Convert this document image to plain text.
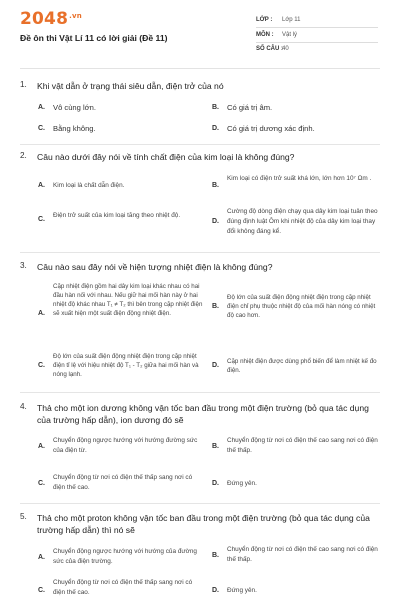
$2048^{.vn}$
Đề ôn thi Vật Lí 11 có lời giải (Đề 11)
LỚP : Lớp 11
MÔN : Vật lý
SỐ CÂU : 40
1. Khi vật dẫn ở trạng thái siêu dẫn, điện trở của nó
A. Vô cùng lớn.	B. Có giá trị âm.
C. Bằng không.	D. Có giá trị dương xác định.
2. Câu nào dưới đây nói về tính chất điện của kim loại là không đúng?
A. Kim loại là chất dẫn điện.	B.
Kim loại có điện trở suất khá lớn, lớn hơn 10⁷ Ωm .
C.
Điện trở suất của kim loại tăng theo nhiệt độ.
D.
Cường độ dòng điện chạy qua dây kim loại tuân theo đúng định luật Ôm khi nhiệt độ của dây kim loại thay đổi không đáng kể.
3. Câu nào sau đây nói về hiện tượng nhiệt điện là không đúng?
A.
Cặp nhiệt điện gồm hai dây kim loại khác nhau có hai đầu hàn nối với nhau. Nếu giữ hai mối hàn này ở hai nhiệt độ khác nhau T₁ ≠ T₂ thì bên trong cặp nhiệt điện sẽ xuất hiện một suất điện động nhiệt điện.
B.
Độ lớn của suất điện động nhiệt điện trong cặp nhiệt điện chỉ phụ thuộc nhiệt độ của mối hàn nóng có nhiệt độ cao hơn.
C.
Độ lớn của suất điện động nhiệt điện trong cặp nhiệt điện tỉ lệ với hiệu nhiệt độ T₁ - T₂ giữa hai mối hàn và nóng lạnh.
D.
Cặp nhiệt điện được dùng phổ biến để làm nhiệt kế đo điện.
4. Thả cho một ion dương không vận tốc ban đầu trong một điện trường (bỏ qua tác dụng của trường hấp dẫn), ion dương đó sẽ
A.
Chuyển động ngược hướng với hướng đường sức của điện từ.
B.
Chuyển động từ nơi có điện thế cao sang nơi có điện thế thấp.
C.
Chuyển động từ nơi có điện thế thấp sang nơi có điện thế cao.
D. Đứng yên.
5. Thả cho một proton không vận tốc ban đầu trong một điện trường (bỏ qua tác dụng của trường hấp dẫn) thì nó sẽ
A.
Chuyển động ngược hướng với hướng của đường sức của điện trường.
B.
Chuyển động từ nơi có điện thế cao sang nơi có điện thế thấp.
C.
Chuyển động từ nơi có điện thế thấp sang nơi có điện thế cao.	D. Đứng yên.
